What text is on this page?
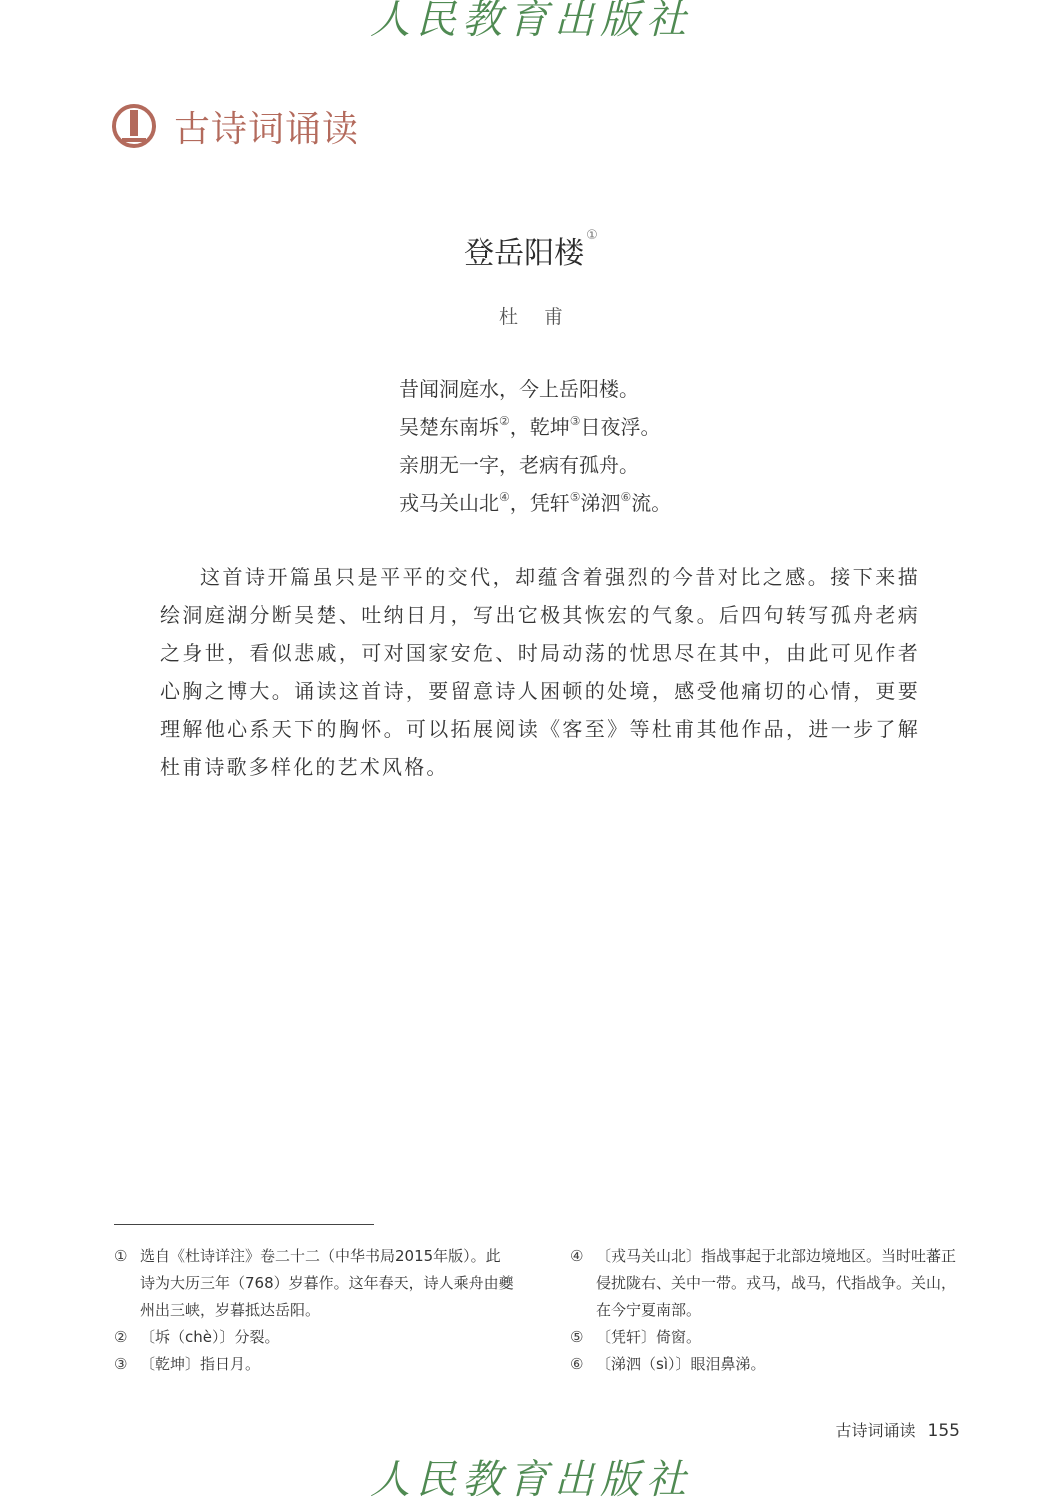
人民教育出版社
古诗词诵读
登岳阳楼①
杜甫
昔闻洞庭水，今上岳阳楼。
吴楚东南坼②，乾坤③日夜浮。
亲朋无一字，老病有孤舟。
戎马关山北④，凭轩⑤涕泗⑥流。

这首诗开篇虽只是平平的交代，却蕴含着强烈的今昔对比之感。接下来描绘洞庭湖分断吴楚、吐纳日月，写出它极其恢宏的气象。后四句转写孤舟老病之身世，看似悲戚，可对国家安危、时局动荡的忧思尽在其中，由此可见作者心胸之博大。诵读这首诗，要留意诗人困顿的处境，感受他痛切的心情，更要理解他心系天下的胸怀。可以拓展阅读《客至》等杜甫其他作品，进一步了解杜甫诗歌多样化的艺术风格。

① 选自《杜诗详注》卷二十二（中华书局2015年版）。此诗为大历三年（768）岁暮作。这年春天，诗人乘舟由夔州出三峡，岁暮抵达岳阳。
② 〔坼（chè）〕分裂。
③ 〔乾坤〕指日月。
④ 〔戎马关山北〕指战事起于北部边境地区。当时吐蕃正侵扰陇右、关中一带。戎马，战马，代指战争。关山，在今宁夏南部。
⑤ 〔凭轩〕倚窗。
⑥ 〔涕泗（sì）〕眼泪鼻涕。
古诗词诵读 155
人民教育出版社
